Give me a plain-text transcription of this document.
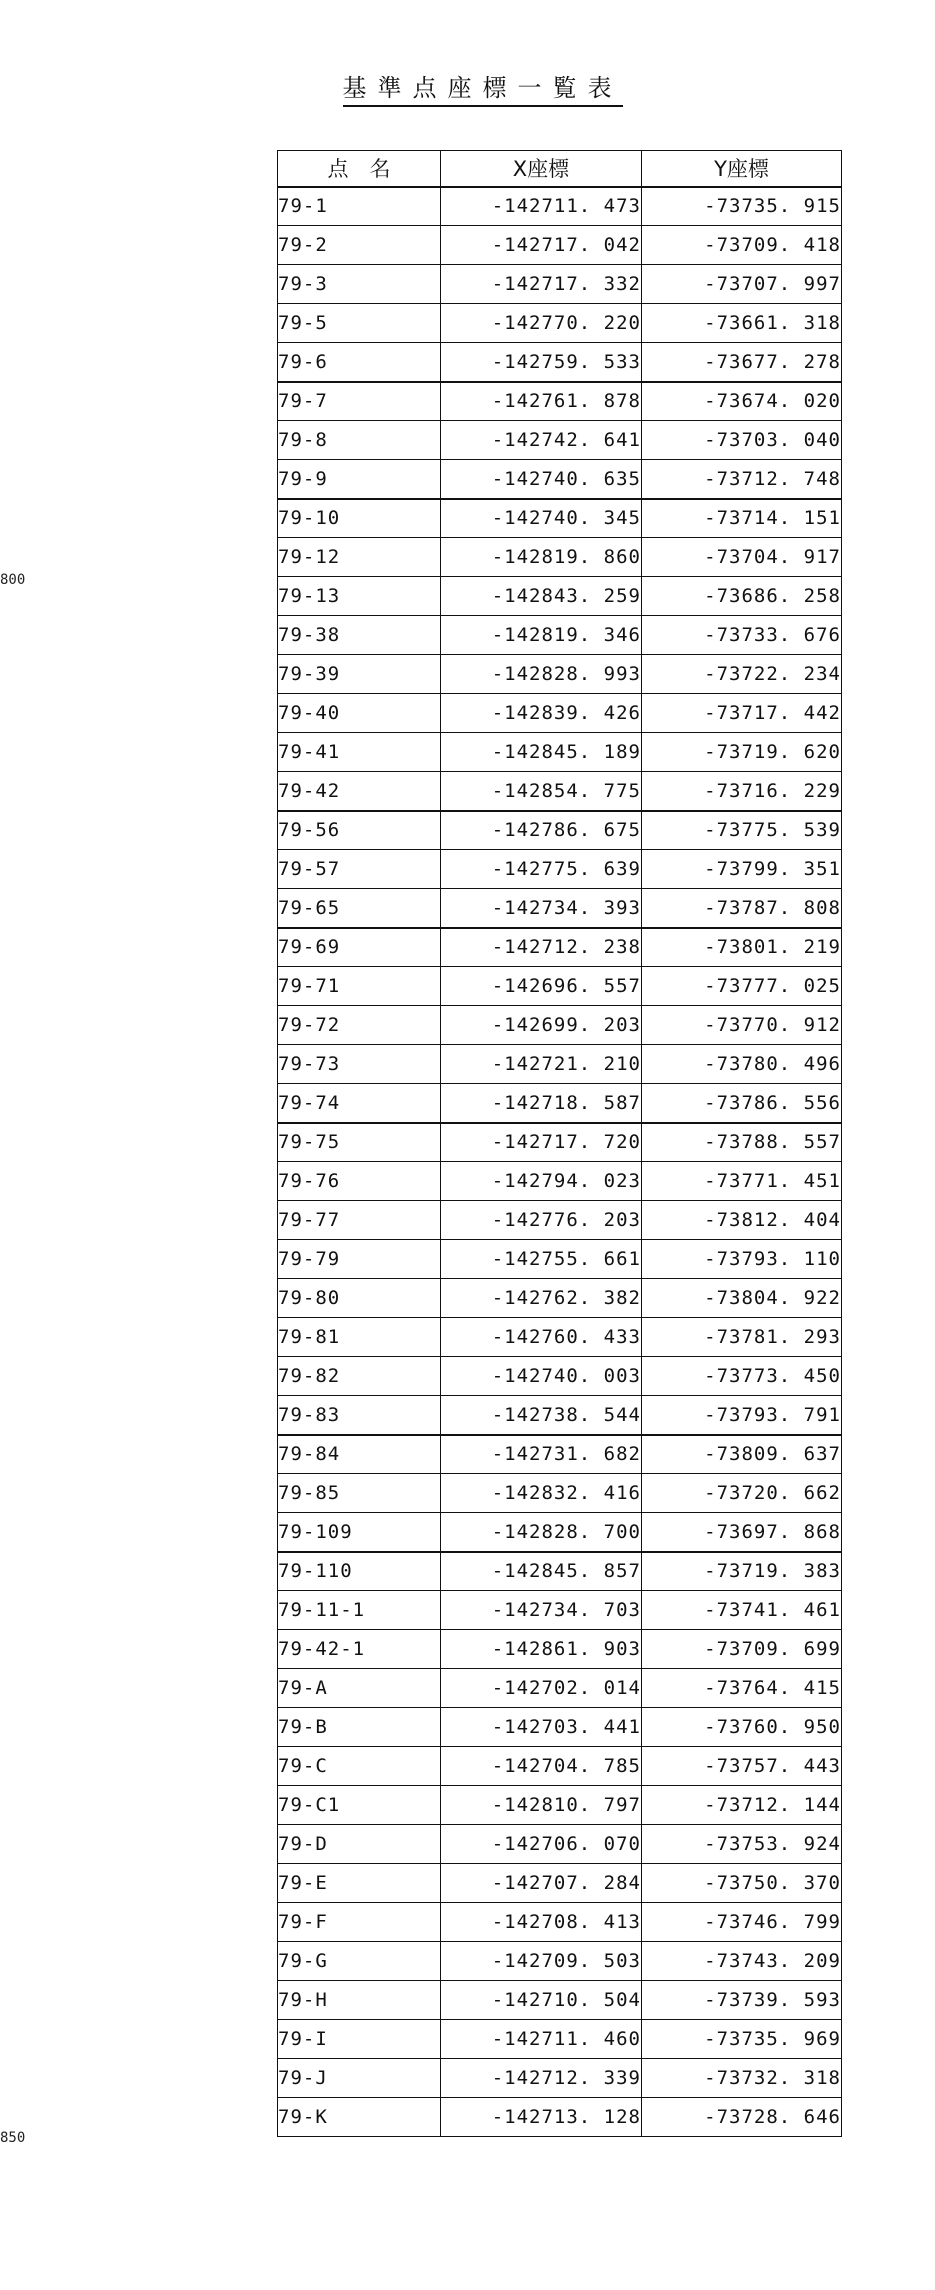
基準点座標一覧表
800
850
点　名	X座標	Y座標
79-1	-142711. 473	-73735. 915
79-2	-142717. 042	-73709. 418
79-3	-142717. 332	-73707. 997
79-5	-142770. 220	-73661. 318
79-6	-142759. 533	-73677. 278
79-7	-142761. 878	-73674. 020
79-8	-142742. 641	-73703. 040
79-9	-142740. 635	-73712. 748
79-10	-142740. 345	-73714. 151
79-12	-142819. 860	-73704. 917
79-13	-142843. 259	-73686. 258
79-38	-142819. 346	-73733. 676
79-39	-142828. 993	-73722. 234
79-40	-142839. 426	-73717. 442
79-41	-142845. 189	-73719. 620
79-42	-142854. 775	-73716. 229
79-56	-142786. 675	-73775. 539
79-57	-142775. 639	-73799. 351
79-65	-142734. 393	-73787. 808
79-69	-142712. 238	-73801. 219
79-71	-142696. 557	-73777. 025
79-72	-142699. 203	-73770. 912
79-73	-142721. 210	-73780. 496
79-74	-142718. 587	-73786. 556
79-75	-142717. 720	-73788. 557
79-76	-142794. 023	-73771. 451
79-77	-142776. 203	-73812. 404
79-79	-142755. 661	-73793. 110
79-80	-142762. 382	-73804. 922
79-81	-142760. 433	-73781. 293
79-82	-142740. 003	-73773. 450
79-83	-142738. 544	-73793. 791
79-84	-142731. 682	-73809. 637
79-85	-142832. 416	-73720. 662
79-109	-142828. 700	-73697. 868
79-110	-142845. 857	-73719. 383
79-11-1	-142734. 703	-73741. 461
79-42-1	-142861. 903	-73709. 699
79-A	-142702. 014	-73764. 415
79-B	-142703. 441	-73760. 950
79-C	-142704. 785	-73757. 443
79-C1	-142810. 797	-73712. 144
79-D	-142706. 070	-73753. 924
79-E	-142707. 284	-73750. 370
79-F	-142708. 413	-73746. 799
79-G	-142709. 503	-73743. 209
79-H	-142710. 504	-73739. 593
79-I	-142711. 460	-73735. 969
79-J	-142712. 339	-73732. 318
79-K	-142713. 128	-73728. 646
